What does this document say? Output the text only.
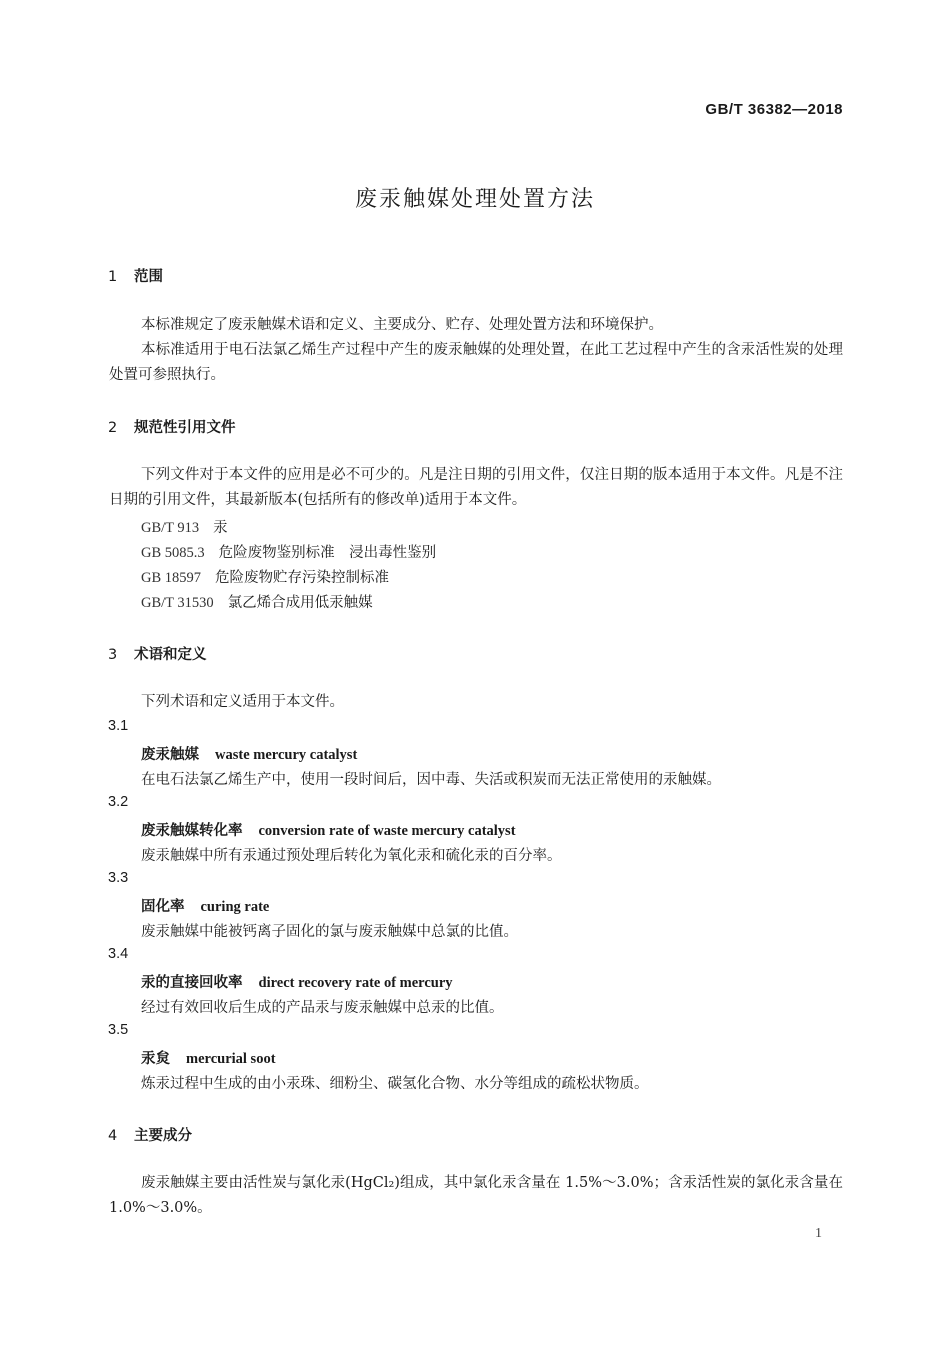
GB/T 36382—2018
废汞触媒处理处置方法
1 范围
本标准规定了废汞触媒术语和定义、主要成分、贮存、处理处置方法和环境保护。
本标准适用于电石法氯乙烯生产过程中产生的废汞触媒的处理处置，在此工艺过程中产生的含汞活性炭的处理处置可参照执行。
2 规范性引用文件
下列文件对于本文件的应用是必不可少的。凡是注日期的引用文件，仅注日期的版本适用于本文件。凡是不注日期的引用文件，其最新版本(包括所有的修改单)适用于本文件。
GB/T 913 汞
GB 5085.3 危险废物鉴别标准　浸出毒性鉴别
GB 18597 危险废物贮存污染控制标准
GB/T 31530 氯乙烯合成用低汞触媒
3 术语和定义
下列术语和定义适用于本文件。
3.1
废汞触媒 waste mercury catalyst
在电石法氯乙烯生产中，使用一段时间后，因中毒、失活或积炭而无法正常使用的汞触媒。
3.2
废汞触媒转化率 conversion rate of waste mercury catalyst
废汞触媒中所有汞通过预处理后转化为氧化汞和硫化汞的百分率。
3.3
固化率 curing rate
废汞触媒中能被钙离子固化的氯与废汞触媒中总氯的比值。
3.4
汞的直接回收率 direct recovery rate of mercury
经过有效回收后生成的产品汞与废汞触媒中总汞的比值。
3.5
汞炱 mercurial soot
炼汞过程中生成的由小汞珠、细粉尘、碳氢化合物、水分等组成的疏松状物质。
4 主要成分
废汞触媒主要由活性炭与氯化汞(HgCl₂)组成，其中氯化汞含量在 1.5%～3.0%；含汞活性炭的氯化汞含量在 1.0%～3.0%。
1
